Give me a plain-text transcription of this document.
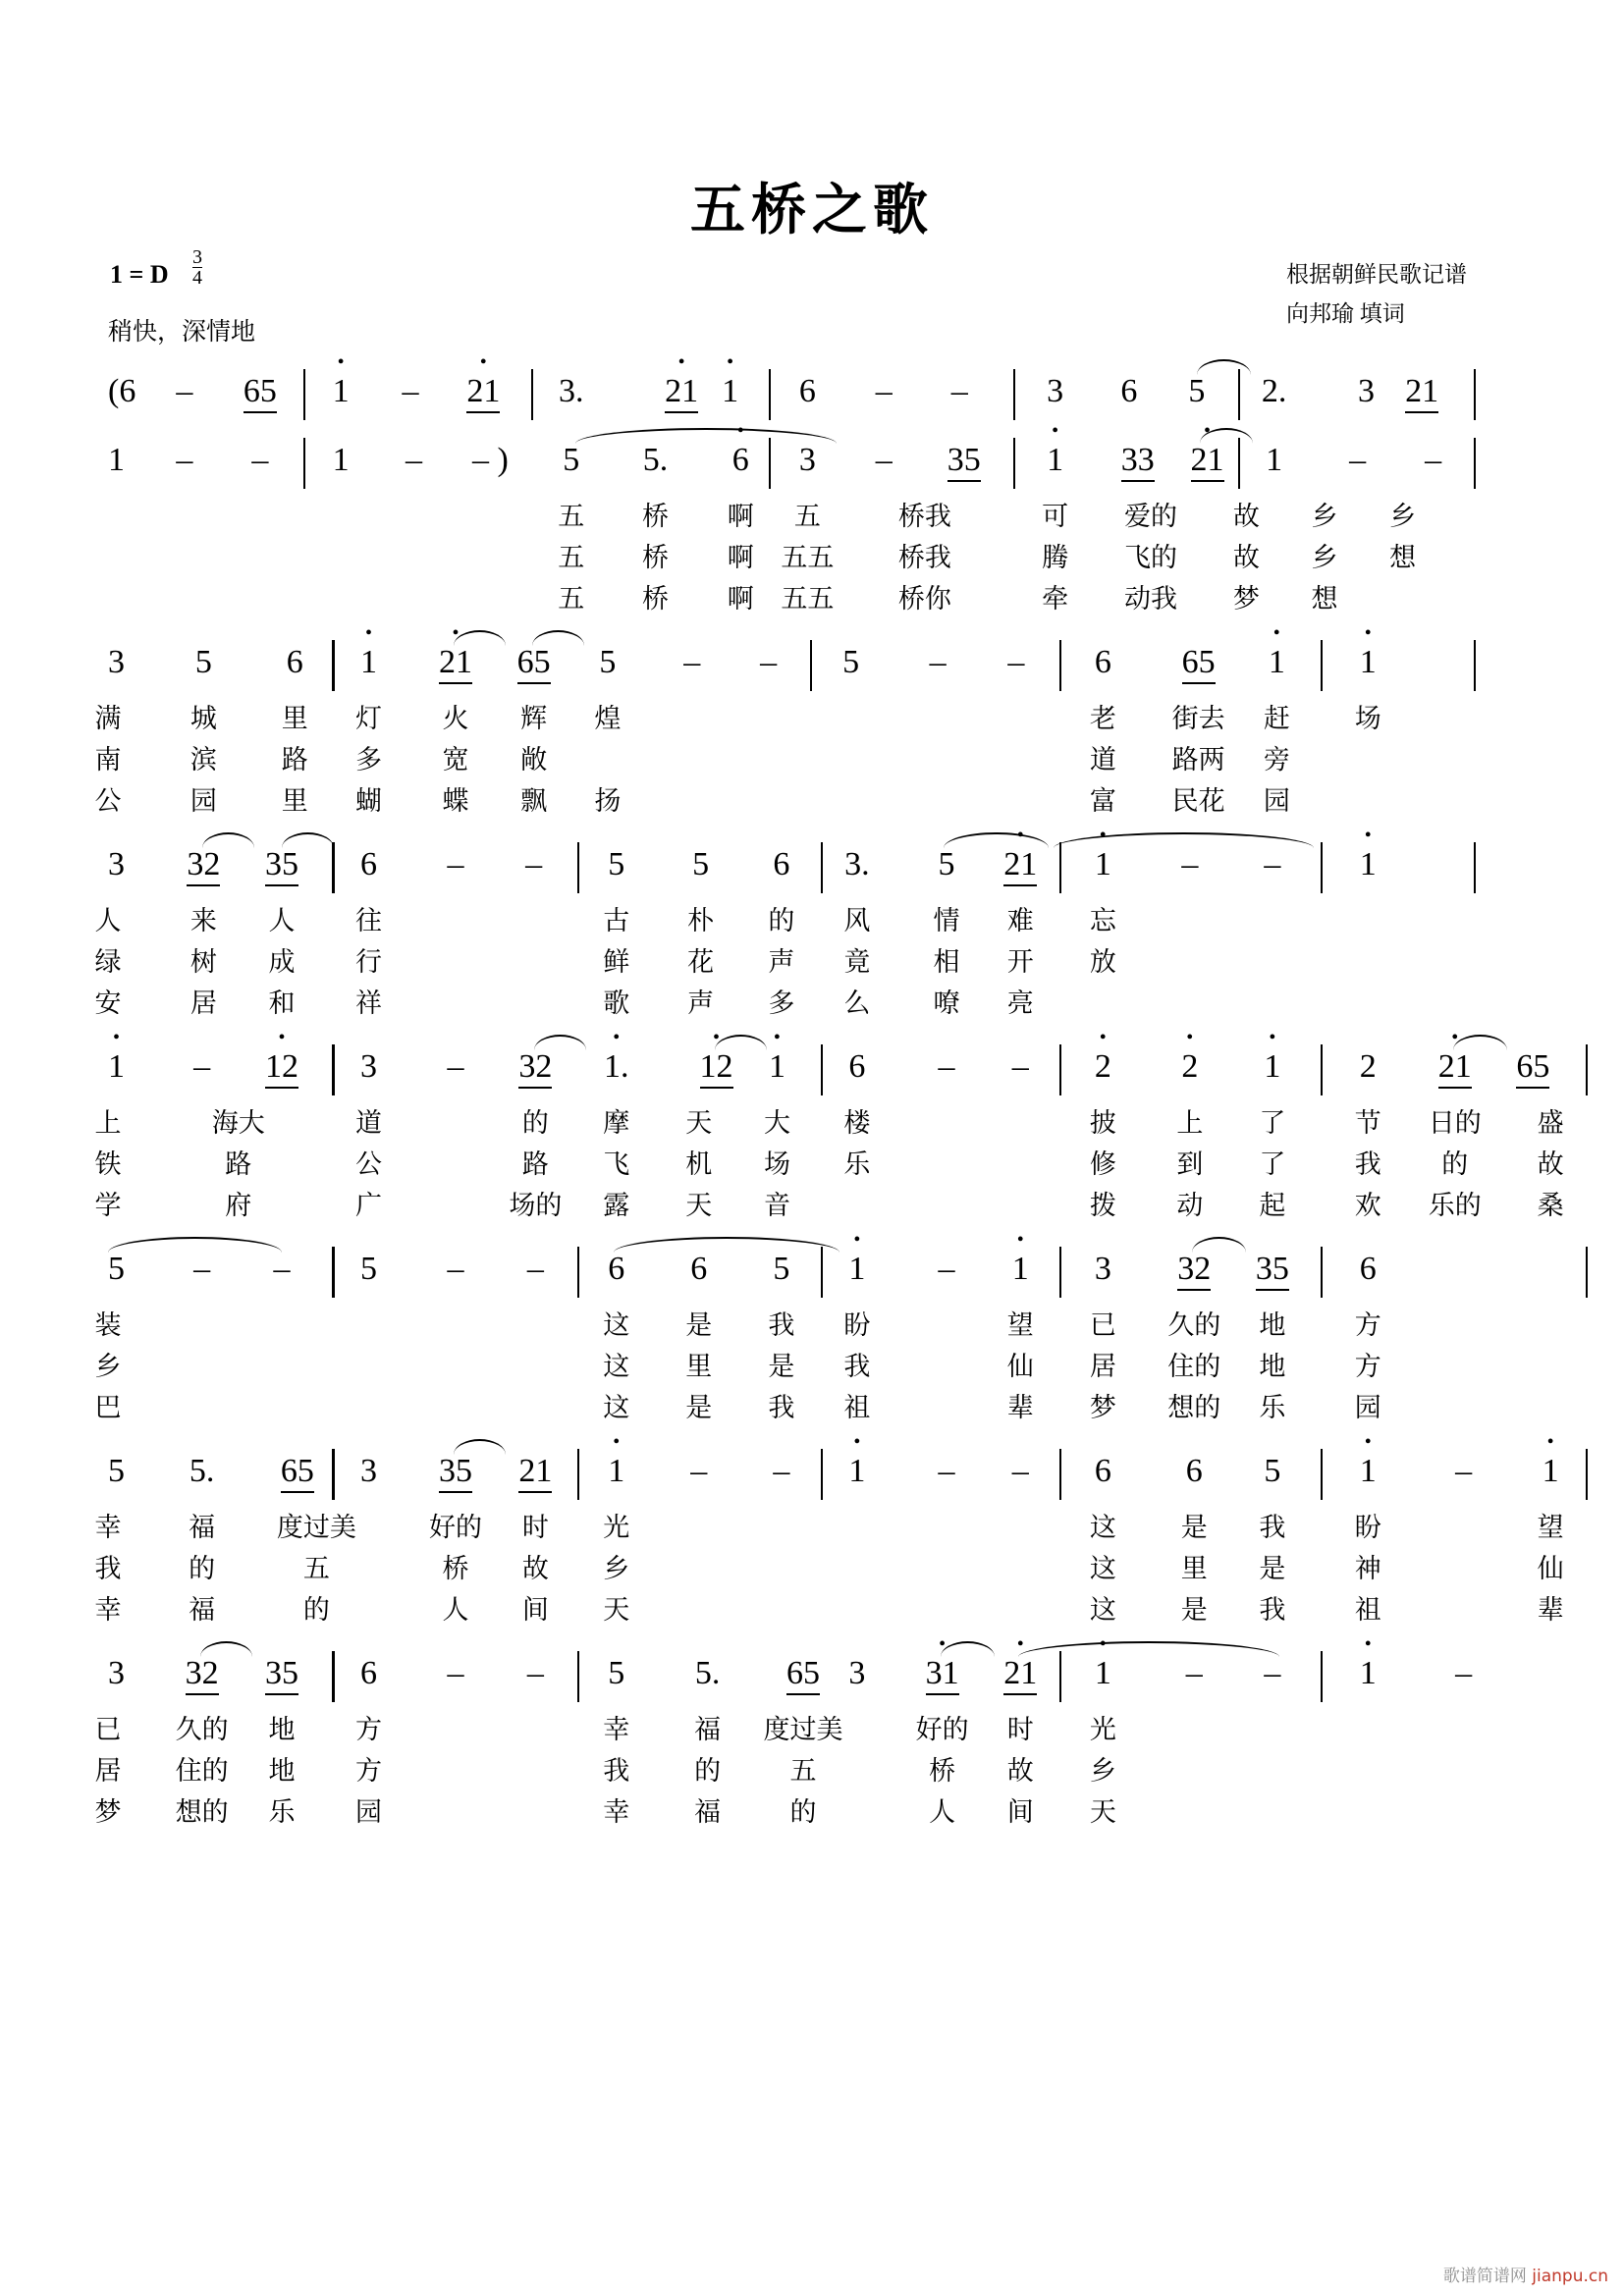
五桥之歌
1 = D $\frac{3}{4}$
稍快，深情地
根据朝鲜民歌记谱
向邦瑜 填词
(6 – 65 • 1 – • 21 3. • 21 • 1 6 – – 3 6 5 2. 3 21
1 – – 1 – – ) 5 5. • 6 3 – 35 • 1 33 • 21 1 – –
五 桥 啊 五	桥我	可 爱的 故 乡 乡
五 桥 啊 五五 桥我	腾 飞的 故 乡 想
五 桥 啊 五五 桥你	牵 动我 梦 想
3 5 6 • 1 • 21 65 5 – – 5 – – 6 65 • 1 • 1
满	城 里 灯 火 辉 煌	老 街去 赶 场
南	滨 路 多 宽 敞	道 路两 旁
公	园 里 蝴 蝶 飘 扬	富 民花 园
3 32 35 6 – – 5 5 6 3. 5 • 21 • 1 – – • 1
人	来 人 往	古 朴 的 风 情 难 忘
绿	树 成 行	鲜 花 声 竟 相 开 放
安	居 和 祥	歌 声 多 么 嘹 亮
• 1 – • 12 3 – 32 • 1. • 12 • 1 6 – – • 2 • 2 • 1 2 • 21 65
上	海大	道	的 摩 天 大 楼	披 上 了	节 日的 盛
铁	路	公	路 飞 机 场 乐	修 到 了	我 的	故
学	府	广	场的 露 天 音	拨 动 起	欢 乐的 桑
5 – – 5 – – 6 6 5 • 1 – • 1 3 32 35 6
装	这 是 我 盼	望 已 久的 地	方
乡	这 里 是 我	仙 居 住的 地	方
巴	这 是 我 祖	辈 梦 想的 乐	园
5 5. 65 3 35 21 • 1 – – • 1 – – 6 6 5 • 1 – • 1
幸	福 度过美	好的 时 光	这 是 我	盼	望
我	的	五	桥 故 乡	这 里 是	神	仙
幸	福	的	人 间 天	这 是 我	祖	辈
3 32 35 6 – – 5 5. 65 3 • 31 • 21 • 1 – – • 1 –
已 久的 地 方	幸 福 度过美	好的 时 光
居 住的 地 方	我 的	五	桥 故 乡
梦 想的 乐 园	幸 福	的	人 间 天
歌谱简谱网 jianpu.cn
